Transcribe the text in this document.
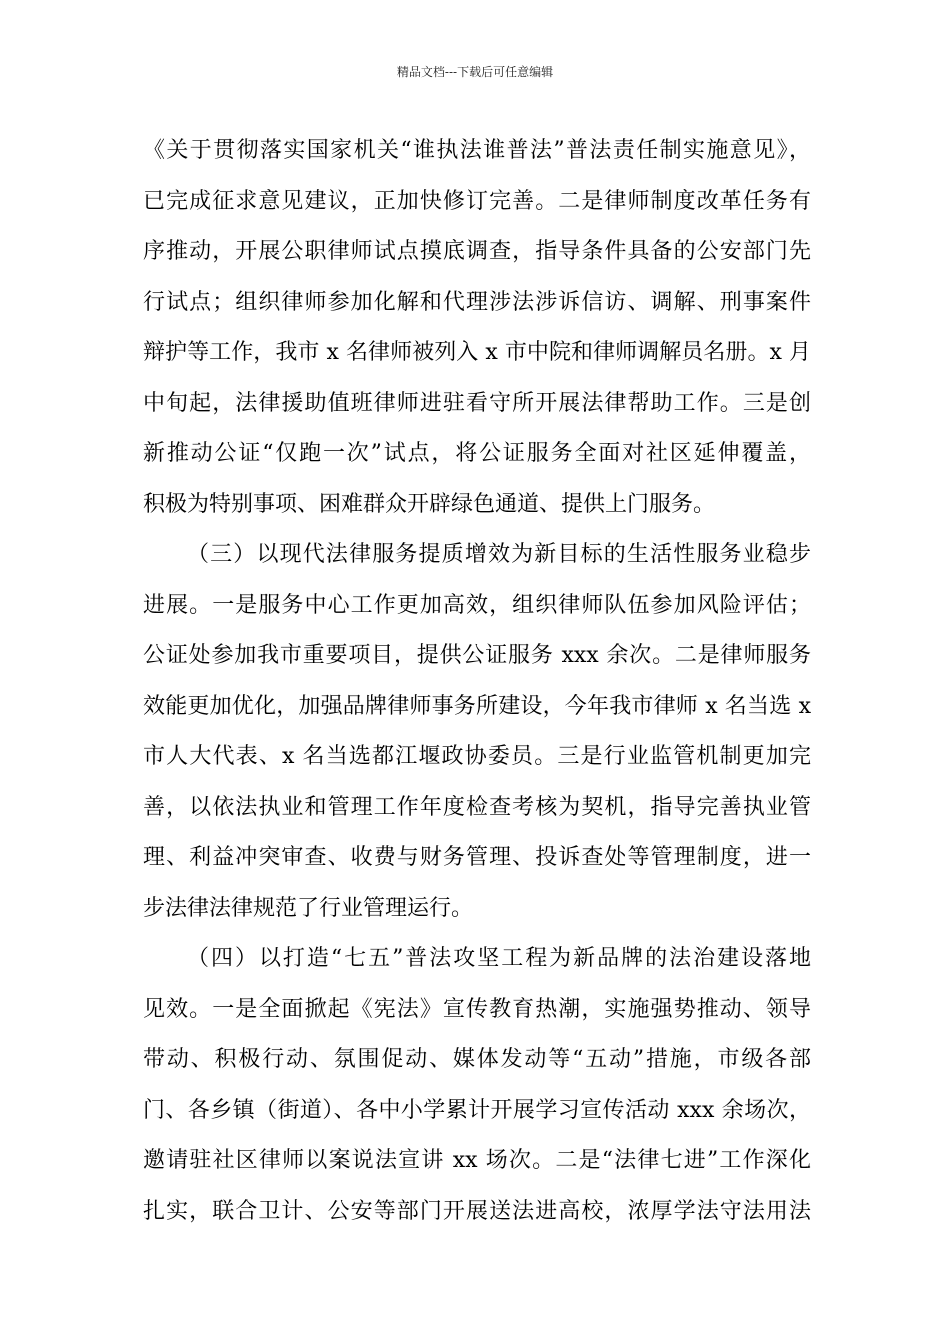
精品文档---下载后可任意编辑
《关于贯彻落实国家机关“谁执法谁普法”普法责任制实施意见》，
已完成征求意见建议，正加快修订完善。二是律师制度改革任务有
序推动，开展公职律师试点摸底调查，指导条件具备的公安部门先
行试点；组织律师参加化解和代理涉法涉诉信访、调解、刑事案件
辩护等工作，我市 x 名律师被列入 x 市中院和律师调解员名册。x 月
中旬起，法律援助值班律师进驻看守所开展法律帮助工作。三是创
新推动公证“仅跑一次”试点，将公证服务全面对社区延伸覆盖，
积极为特别事项、困难群众开辟绿色通道、提供上门服务。
（三）以现代法律服务提质增效为新目标的生活性服务业稳步
进展。一是服务中心工作更加高效，组织律师队伍参加风险评估；
公证处参加我市重要项目，提供公证服务 xxx 余次。二是律师服务
效能更加优化，加强品牌律师事务所建设，今年我市律师 x 名当选 x
市人大代表、x 名当选都江堰政协委员。三是行业监管机制更加完
善，以依法执业和管理工作年度检查考核为契机，指导完善执业管
理、利益冲突审查、收费与财务管理、投诉查处等管理制度，进一
步法律法律规范了行业管理运行。
（四）以打造“七五”普法攻坚工程为新品牌的法治建设落地
见效。一是全面掀起《宪法》宣传教育热潮，实施强势推动、领导
带动、积极行动、氛围促动、媒体发动等“五动”措施，市级各部
门、各乡镇（街道）、各中小学累计开展学习宣传活动 xxx 余场次，
邀请驻社区律师以案说法宣讲 xx 场次。二是“法律七进”工作深化
扎实，联合卫计、公安等部门开展送法进高校，浓厚学法守法用法
